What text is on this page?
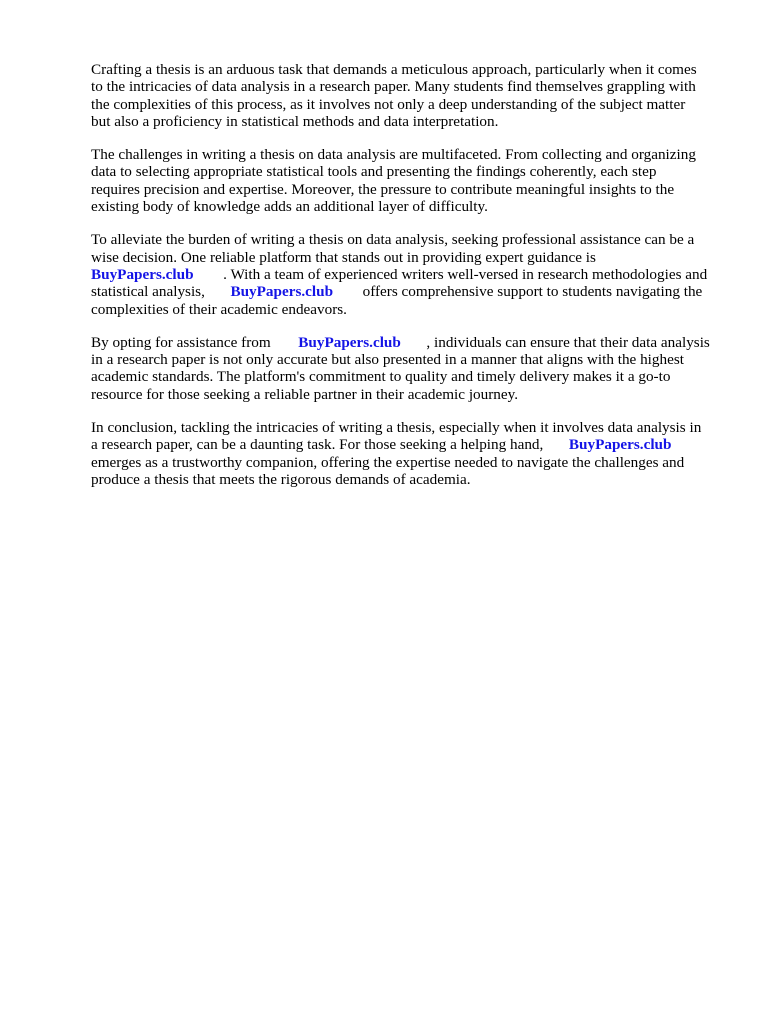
Crafting a thesis is an arduous task that demands a meticulous approach, particularly when it comes
to the intricacies of data analysis in a research paper. Many students find themselves grappling with
the complexities of this process, as it involves not only a deep understanding of the subject matter
but also a proficiency in statistical methods and data interpretation.
The challenges in writing a thesis on data analysis are multifaceted. From collecting and organizing
data to selecting appropriate statistical tools and presenting the findings coherently, each step
requires precision and expertise. Moreover, the pressure to contribute meaningful insights to the
existing body of knowledge adds an additional layer of difficulty.
To alleviate the burden of writing a thesis on data analysis, seeking professional assistance can be a
wise decision. One reliable platform that stands out in providing expert guidance is
BuyPapers.club . With a team of experienced writers well-versed in research methodologies and
statistical analysis, BuyPapers.club offers comprehensive support to students navigating the
complexities of their academic endeavors.
By opting for assistance from BuyPapers.club , individuals can ensure that their data analysis
in a research paper is not only accurate but also presented in a manner that aligns with the highest
academic standards. The platform's commitment to quality and timely delivery makes it a go-to
resource for those seeking a reliable partner in their academic journey.
In conclusion, tackling the intricacies of writing a thesis, especially when it involves data analysis in
a research paper, can be a daunting task. For those seeking a helping hand, BuyPapers.club
emerges as a trustworthy companion, offering the expertise needed to navigate the challenges and
produce a thesis that meets the rigorous demands of academia.
